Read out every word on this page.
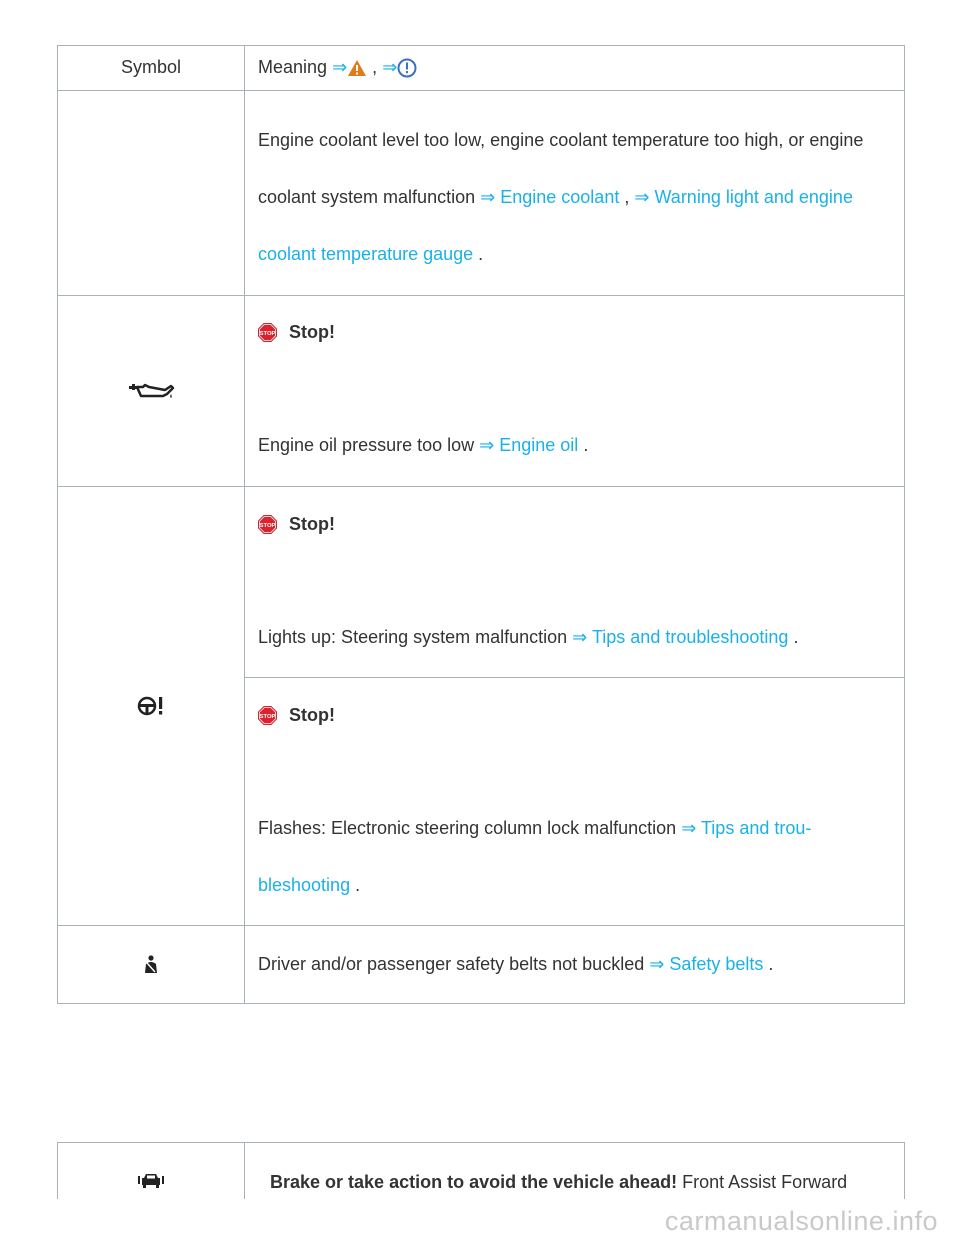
Symbol	Meaning ⇒ , ⇒

	Engine coolant level too low, engine coolant temperature too high, or engine coolant system malfunction ⇒ Engine coolant , ⇒ Warning light and engine coolant temperature gauge .

STOP Stop!

Engine oil pressure too low ⇒ Engine oil .

STOP Stop!

Lights up: Steering system malfunction ⇒ Tips and troubleshooting .

STOP Stop!

Flashes: Electronic steering column lock malfunction ⇒ Tips and trou- bleshooting .

Driver and/or passenger safety belts not buckled ⇒ Safety belts .

Brake or take action to avoid the vehicle ahead! Front Assist Forward

carmanualsonline.info
